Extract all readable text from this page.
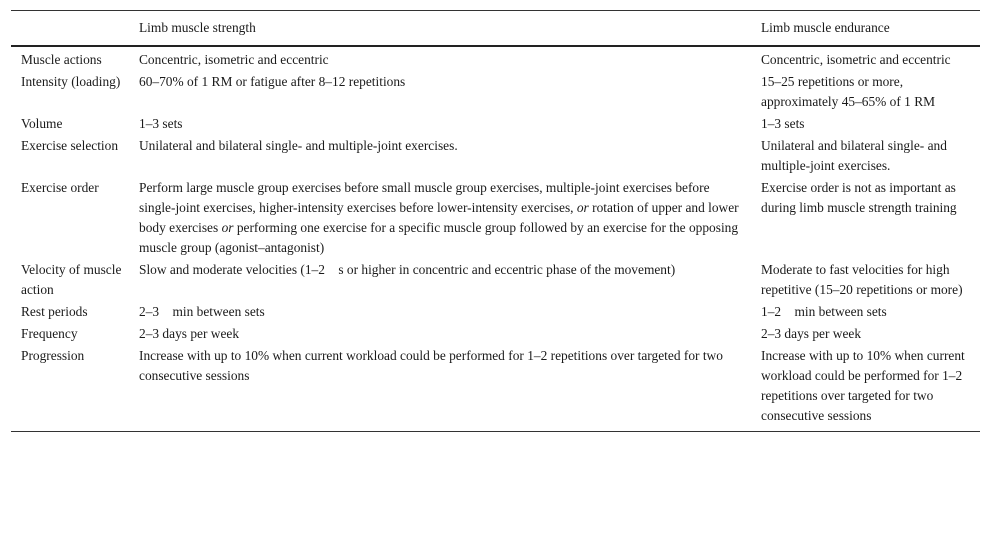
	Limb muscle strength	Limb muscle endurance
Muscle actions	Concentric, isometric and eccentric	Concentric, isometric and eccentric
Intensity (loading)	60–70% of 1 RM or fatigue after 8–12 repetitions	15–25 repetitions or more, approximately 45–65% of 1 RM
Volume	1–3 sets	1–3 sets
Exercise selection	Unilateral and bilateral single- and multiple-joint exercises.	Unilateral and bilateral single- and multiple-joint exercises.
Exercise order	Perform large muscle group exercises before small muscle group exercises, multiple-joint exercises before single-joint exercises, higher-intensity exercises before lower-intensity exercises, or rotation of upper and lower body exercises or performing one exercise for a specific muscle group followed by an exercise for the opposing muscle group (agonist–antagonist)	Exercise order is not as important as during limb muscle strength training
Velocity of muscle action	Slow and moderate velocities (1–2 s or higher in concentric and eccentric phase of the movement)	Moderate to fast velocities for high repetitive (15–20 repetitions or more)
Rest periods	2–3 min between sets	1–2 min between sets
Frequency	2–3 days per week	2–3 days per week
Progression	Increase with up to 10% when current workload could be performed for 1–2 repetitions over targeted for two consecutive sessions	Increase with up to 10% when current workload could be performed for 1–2 repetitions over targeted for two consecutive sessions
